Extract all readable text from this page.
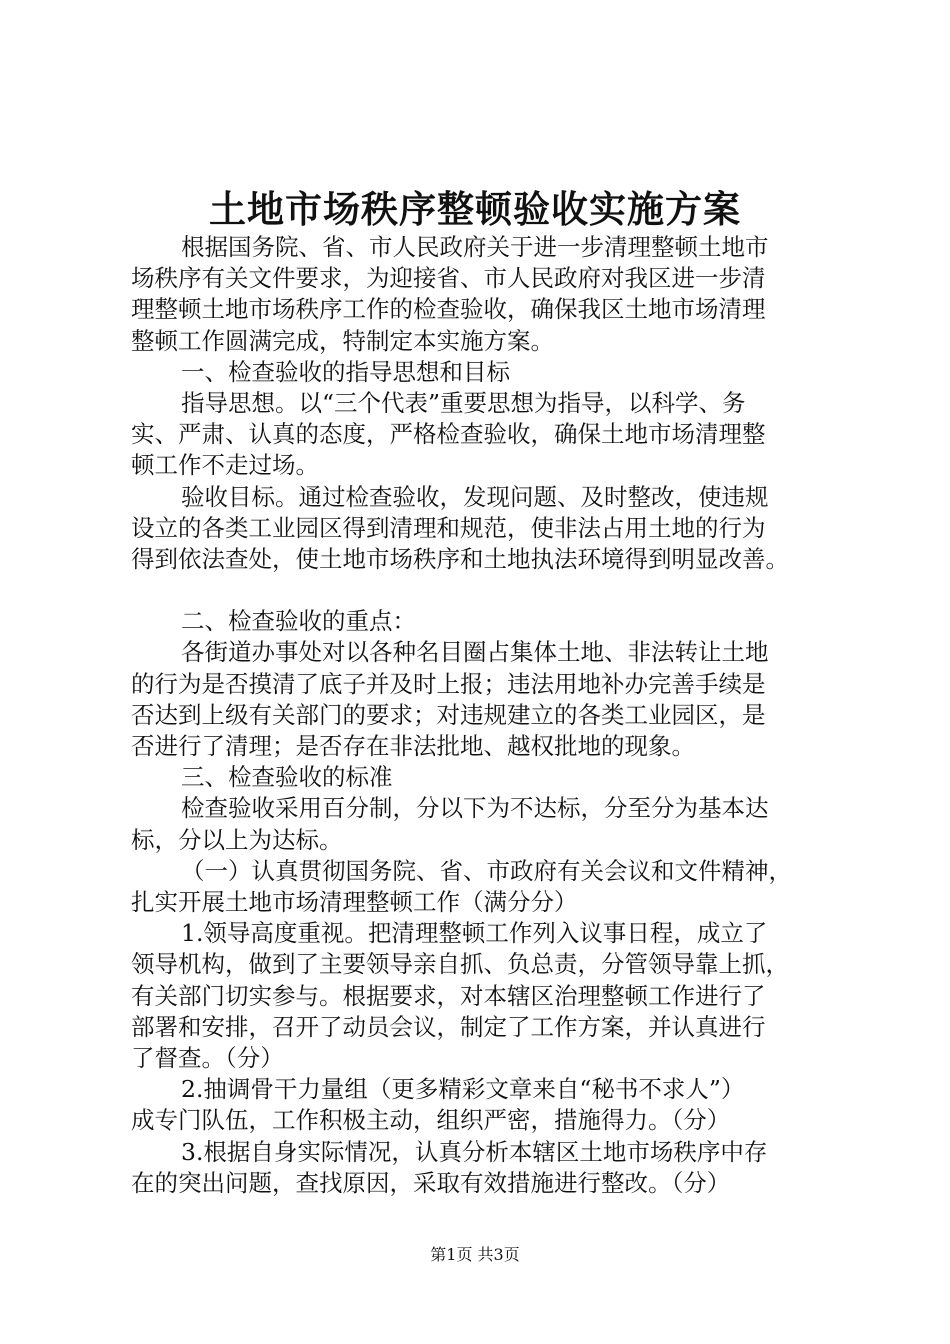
土地市场秩序整顿验收实施方案

根据国务院、省、市人民政府关于进一步清理整顿土地市

场秩序有关文件要求，为迎接省、市人民政府对我区进一步清

理整顿土地市场秩序工作的检查验收，确保我区土地市场清理

整顿工作圆满完成，特制定本实施方案。

一、检查验收的指导思想和目标

指导思想。以“三个代表”重要思想为指导，以科学、务

实、严肃、认真的态度，严格检查验收，确保土地市场清理整

顿工作不走过场。

验收目标。通过检查验收，发现问题、及时整改，使违规

设立的各类工业园区得到清理和规范，使非法占用土地的行为

得到依法查处，使土地市场秩序和土地执法环境得到明显改善。

二、检查验收的重点：

各街道办事处对以各种名目圈占集体土地、非法转让土地

的行为是否摸清了底子并及时上报；违法用地补办完善手续是

否达到上级有关部门的要求；对违规建立的各类工业园区，是

否进行了清理；是否存在非法批地、越权批地的现象。

三、检查验收的标准

检查验收采用百分制，分以下为不达标，分至分为基本达

标，分以上为达标。

（一）认真贯彻国务院、省、市政府有关会议和文件精神，

扎实开展土地市场清理整顿工作（满分分）

1.领导高度重视。把清理整顿工作列入议事日程，成立了

领导机构，做到了主要领导亲自抓、负总责，分管领导靠上抓，

有关部门切实参与。根据要求，对本辖区治理整顿工作进行了

部署和安排，召开了动员会议，制定了工作方案，并认真进行

了督查。（分）

2.抽调骨干力量组（更多精彩文章来自“秘书不求人”）

成专门队伍，工作积极主动，组织严密，措施得力。（分）

3.根据自身实际情况，认真分析本辖区土地市场秩序中存

在的突出问题，查找原因，采取有效措施进行整改。（分）

第1页 共3页
